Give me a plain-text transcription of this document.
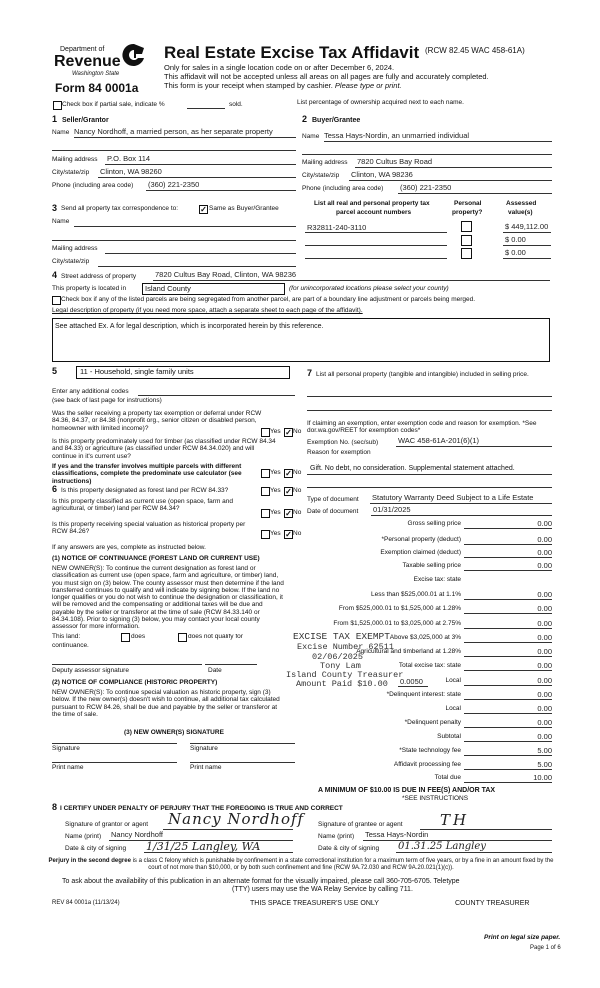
Department of
Revenue
Washington State
Form 84 0001a
Real Estate Excise Tax Affidavit (RCW 82.45 WAC 458-61A)
Only for sales in a single location code on or after December 6, 2024.
This affidavit will not be accepted unless all areas on all pages are fully and accurately completed.
This form is your receipt when stamped by cashier. Please type or print.
Check box if partial sale, indicate %	sold.	List percentage of ownership acquired next to each name.
1 Seller/Grantor
Name Nancy Nordhoff, a married person, as her separate property
Mailing address P.O. Box 114
City/state/zip Clinton, WA 98260
Phone (including area code) (360) 221-2350
2 Buyer/Grantee
Name Tessa Hays-Nordin, an unmarried individual
Mailing address 7820 Cultus Bay Road
City/state/zip Clinton, WA 98236
Phone (including area code) (360) 221-2350
3 Send all property tax correspondence to:	✓ Same as Buyer/Grantee
Name
Mailing address
City/state/zip
List all real and personal property tax
parcel account numbers
Personal
property?
Assessed
value(s)
R32811-240-3110	$ 449,112.00
$ 0.00
$ 0.00
4 Street address of property	7820 Cultus Bay Road, Clinton, WA 98236
This property is located in	Island County	(for unincorporated locations please select your county)
Check box if any of the listed parcels are being segregated from another parcel, are part of a boundary line adjustment or parcels being merged.
Legal description of property (if you need more space, attach a separate sheet to each page of the affidavit).
See attached Ex. A for legal description, which is incorporated herein by this reference.
5	11 - Household, single family units
Enter any additional codes
(see back of last page for instructions)
Was the seller receiving a property tax exemption or deferral under RCW 84.36, 84.37, or 84.38 (nonprofit org., senior citizen or disabled person, homeowner with limited income)?	Yes ✓ No
Is this property predominately used for timber (as classified under RCW 84.34 and 84.33) or agriculture (as classified under RCW 84.34.020) and will continue in it's current use?
If yes and the transfer involves multiple parcels with different classifications, complete the predominate use calculator (see instructions)
Yes ✓ No
6 Is this property designated as forest land per RCW 84.33?	Yes ✓ No
Is this property classified as current use (open space, farm and agricultural, or timber) land per RCW 84.34?
Yes ✓ No
Is this property receiving special valuation as historical property per RCW 84.26?	Yes ✓ No
If any answers are yes, complete as instructed below.
(1) NOTICE OF CONTINUANCE (FOREST LAND OR CURRENT USE)
NEW OWNER(S): To continue the current designation as forest land or classification as current use (open space, farm and agriculture, or timber) land, you must sign on (3) below. The county assessor must then determine if the land transferred continues to qualify and will indicate by signing below. If the land no longer qualifies or you do not wish to continue the designation or classification, it will be removed and the compensating or additional taxes will be due and payable by the seller or transferor at the time of sale (RCW 84.33.140 or 84.34.108). Prior to signing (3) below, you may contact your local county assessor for more information.
This land:	does	does not qualify for
continuance.
Deputy assessor signature	Date
(2) NOTICE OF COMPLIANCE (HISTORIC PROPERTY)
NEW OWNER(S): To continue special valuation as historic property, sign (3) below. If the new owner(s) doesn't wish to continue, all additional tax calculated pursuant to RCW 84.26, shall be due and payable by the seller or transferor at the time of sale.
(3) NEW OWNER(S) SIGNATURE
Signature	Signature
Print name	Print name
EXCISE TAX EXEMPT
Excise Number 62511
02/06/2025
Tony Lam
Island County Treasurer
Amount Paid $10.00
7 List all personal property (tangible and intangible) included in selling price.
If claiming an exemption, enter exemption code and reason for exemption. *See dor.wa.gov/REET for exemption codes*
Exemption No. (sec/sub)	WAC 458-61A-201(6)(1)
Reason for exemption
Gift. No debt, no consideration. Supplemental statement attached.
Type of document Statutory Warranty Deed Subject to a Life Estate
Date of document 01/31/2025
Gross selling price	0.00
*Personal property (deduct)	0.00
Exemption claimed (deduct)	0.00
Taxable selling price	0.00
Excise tax: state
Less than $525,000.01 at 1.1%	0.00
From $525,000.01 to $1,525,000 at 1.28%	0.00
From $1,525,000.01 to $3,025,000 at 2.75%	0.00
Above $3,025,000 at 3%	0.00
Agricultural and timberland at 1.28%	0.00
Total excise tax: state	0.00
Local	0.00
*Delinquent interest: state	0.00
Local	0.00
*Delinquent penalty	0.00
Subtotal	0.00
*State technology fee	5.00
Affidavit processing fee	5.00
Total due	10.00
0.0050
A MINIMUM OF $10.00 IS DUE IN FEE(S) AND/OR TAX
*SEE INSTRUCTIONS
8 I CERTIFY UNDER PENALTY OF PERJURY THAT THE FOREGOING IS TRUE AND CORRECT
Signature of grantor or agent Nancy Nordhoff
Name (print) Nancy Nordhoff
Date & city of signing 1/31/25 Langley, WA
Signature of grantee or agent TH
Name (print) Tessa Hays-Nordin
Date & city of signing 01.31.25 Langley
Perjury in the second degree is a class C felony which is punishable by confinement in a state correctional institution for a maximum term of five years, or by a fine in an amount fixed by the court of not more than $10,000, or by both such confinement and fine (RCW 9A.72.030 and RCW 9A.20.021(1)(c)).
To ask about the availability of this publication in an alternate format for the visually impaired, please call 360-705-6705. Teletype
(TTY) users may use the WA Relay Service by calling 711.
REV 84 0001a (11/13/24)	THIS SPACE TREASURER'S USE ONLY	COUNTY TREASURER
Print on legal size paper.
Page 1 of 6
